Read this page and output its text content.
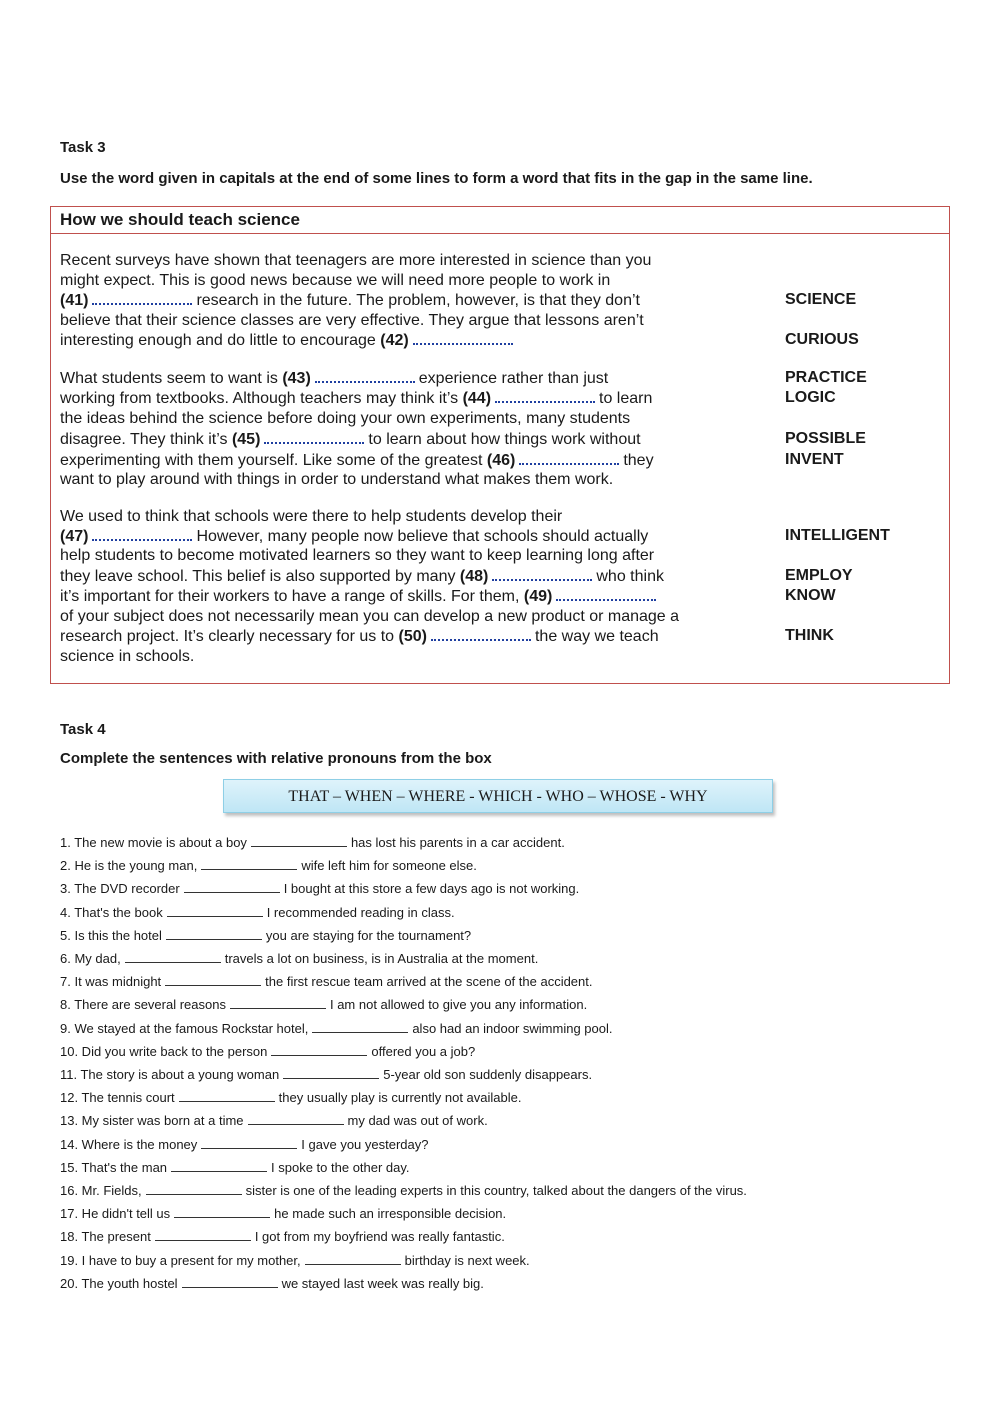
Task 3
Use the word given in capitals at the end of some lines to form a word that fits in the gap in the same line.
How we should teach science
Recent surveys have shown that teenagers are more interested in science than you
might expect. This is good news because we will need more people to work in
(41)	research in the future. The problem, however, is that they don’t	SCIENCE
believe that their science classes are very effective. They argue that lessons aren’t
interesting enough and do little to encourage (42)	CURIOUS
What students seem to want is (43)	experience rather than just	PRACTICE
working from textbooks. Although teachers may think it’s (44)	to learn	LOGIC
the ideas behind the science before doing your own experiments, many students
disagree. They think it’s (45)	to learn about how things work without	POSSIBLE
experimenting with them yourself. Like some of the greatest (46)	they	INVENT
want to play around with things in order to understand what makes them work.
We used to think that schools were there to help students develop their
(47)	However, many people now believe that schools should actually	INTELLIGENT
help students to become motivated learners so they want to keep learning long after
they leave school. This belief is also supported by many (48)	who think	EMPLOY
it’s important for their workers to have a range of skills. For them, (49)	KNOW
of your subject does not necessarily mean you can develop a new product or manage a
research project. It’s clearly necessary for us to (50)	the way we teach	THINK
science in schools.
Task 4
Complete the sentences with relative pronouns from the box
THAT – WHEN – WHERE - WHICH - WHO – WHOSE - WHY
1. The new movie is about a boy	has lost his parents in a car accident.
2. He is the young man,	wife left him for someone else.
3. The DVD recorder	I bought at this store a few days ago is not working.
4. That's the book	I recommended reading in class.
5. Is this the hotel	you are staying for the tournament?
6. My dad,	travels a lot on business, is in Australia at the moment.
7. It was midnight	the first rescue team arrived at the scene of the accident.
8. There are several reasons	I am not allowed to give you any information.
9. We stayed at the famous Rockstar hotel,	also had an indoor swimming pool.
10. Did you write back to the person	offered you a job?
11. The story is about a young woman	5-year old son suddenly disappears.
12. The tennis court	they usually play is currently not available.
13. My sister was born at a time	my dad was out of work.
14. Where is the money	I gave you yesterday?
15. That's the man	I spoke to the other day.
16. Mr. Fields,	sister is one of the leading experts in this country, talked about the dangers of the virus.
17. He didn't tell us	he made such an irresponsible decision.
18. The present	I got from my boyfriend was really fantastic.
19. I have to buy a present for my mother,	birthday is next week.
20. The youth hostel	we stayed last week was really big.
